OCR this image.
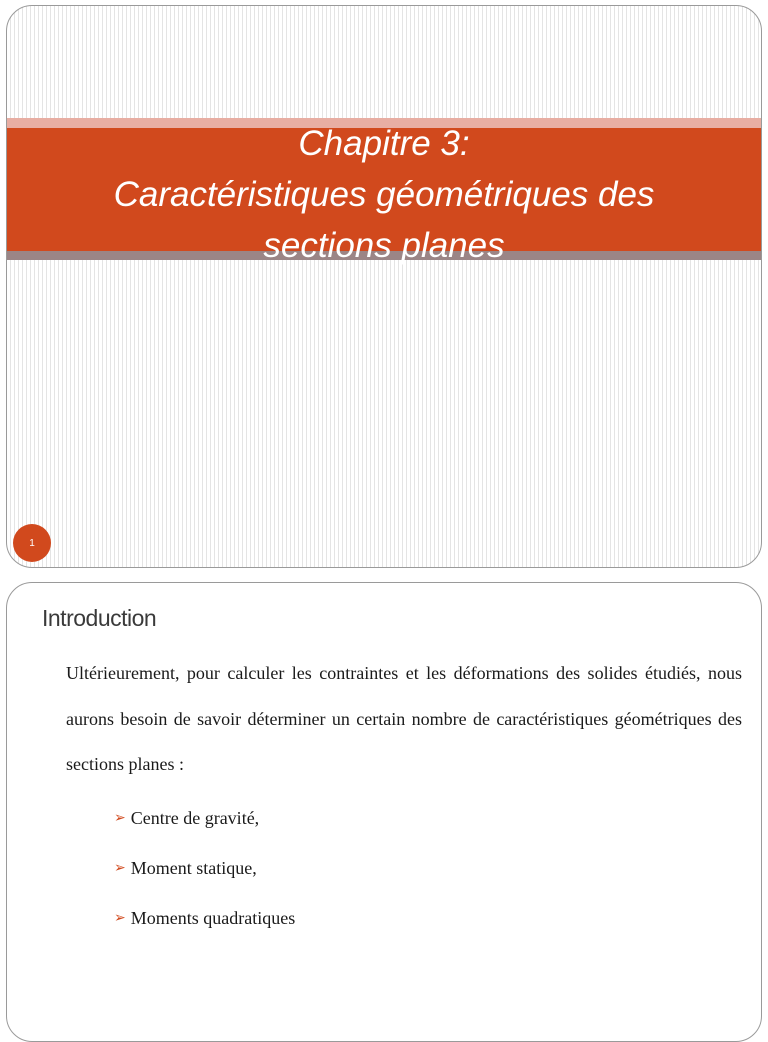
Chapitre 3:
Caractéristiques géométriques des
sections planes
1
Introduction
Ultérieurement, pour calculer les contraintes et les déformations des solides étudiés, nous aurons besoin de savoir déterminer un certain nombre de caractéristiques géométriques des sections planes :
➢ Centre de gravité,
➢ Moment statique,
➢ Moments quadratiques
